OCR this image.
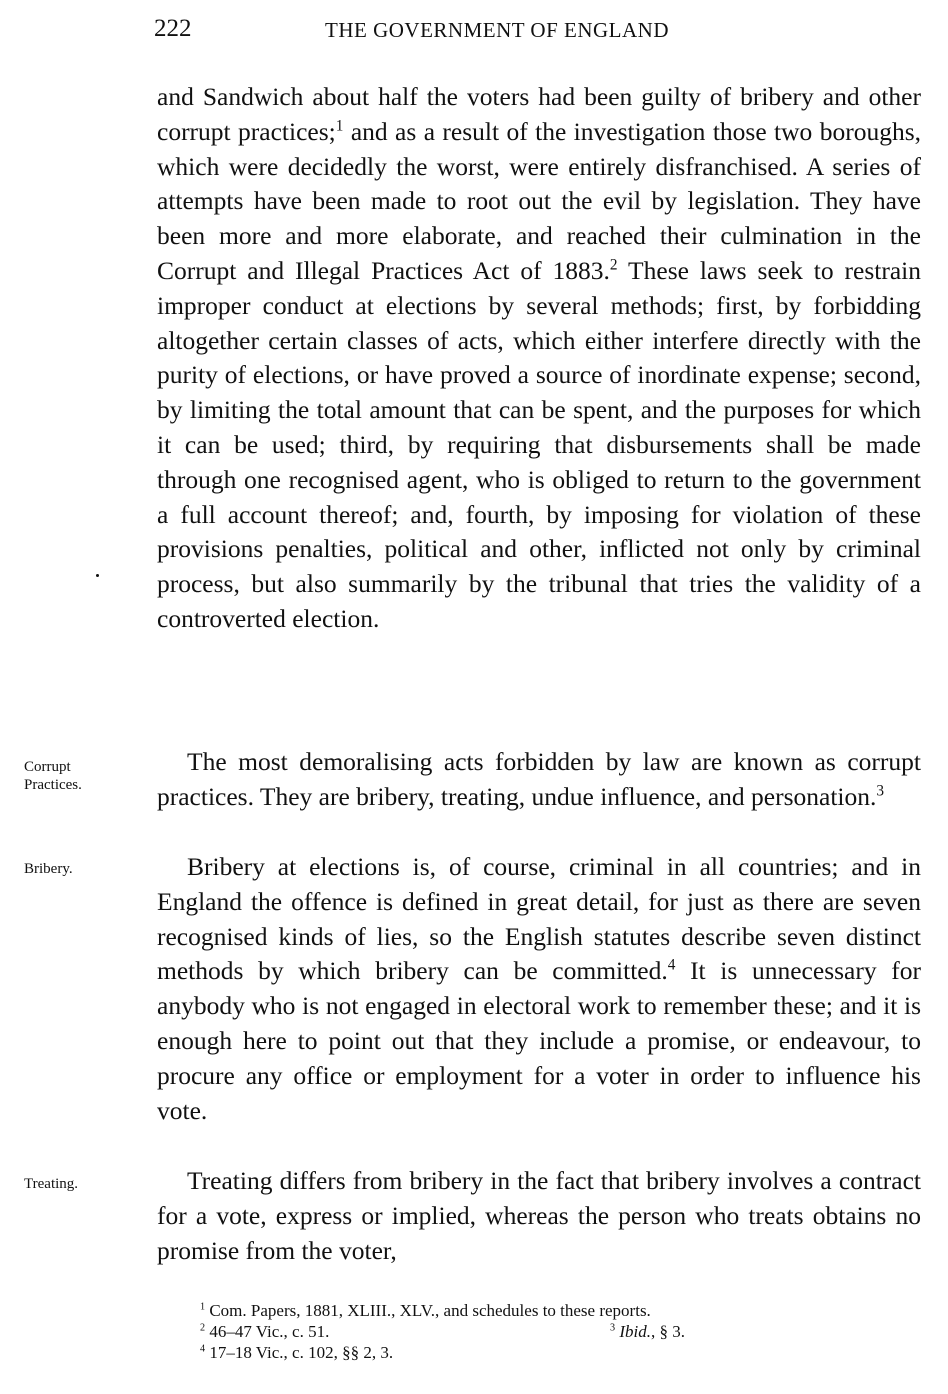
222	THE GOVERNMENT OF ENGLAND
Corrupt
Practices.
Bribery.
Treating.
and Sandwich about half the voters had been guilty of bribery and other corrupt practices;$^1$ and as a result of the investigation those two boroughs, which were decidedly the worst, were entirely disfranchised. A series of attempts have been made to root out the evil by legislation. They have been more and more elaborate, and reached their culmination in the Corrupt and Illegal Practices Act of 1883.$^2$ These laws seek to restrain improper conduct at elections by several methods; first, by forbidding altogether certain classes of acts, which either interfere directly with the purity of elections, or have proved a source of inordinate expense; second, by limiting the total amount that can be spent, and the purposes for which it can be used; third, by requiring that disbursements shall be made through one recognised agent, who is obliged to return to the government a full account thereof; and, fourth, by imposing for violation of these provisions penalties, political and other, inflicted not only by criminal process, but also summarily by the tribunal that tries the validity of a controverted election.
The most demoralising acts forbidden by law are known as corrupt practices. They are bribery, treating, undue influence, and personation.$^3$
Bribery at elections is, of course, criminal in all countries; and in England the offence is defined in great detail, for just as there are seven recognised kinds of lies, so the English statutes describe seven distinct methods by which bribery can be committed.$^4$ It is unnecessary for anybody who is not engaged in electoral work to remember these; and it is enough here to point out that they include a promise, or endeavour, to procure any office or employment for a voter in order to influence his vote.
Treating differs from bribery in the fact that bribery involves a contract for a vote, express or implied, whereas the person who treats obtains no promise from the voter,
$^1$ Com. Papers, 1881, XLIII., XLV., and schedules to these reports.
$^2$ 46–47 Vic., c. 51.	$^3$ Ibid., § 3.
$^4$ 17–18 Vic., c. 102, §§ 2, 3.
